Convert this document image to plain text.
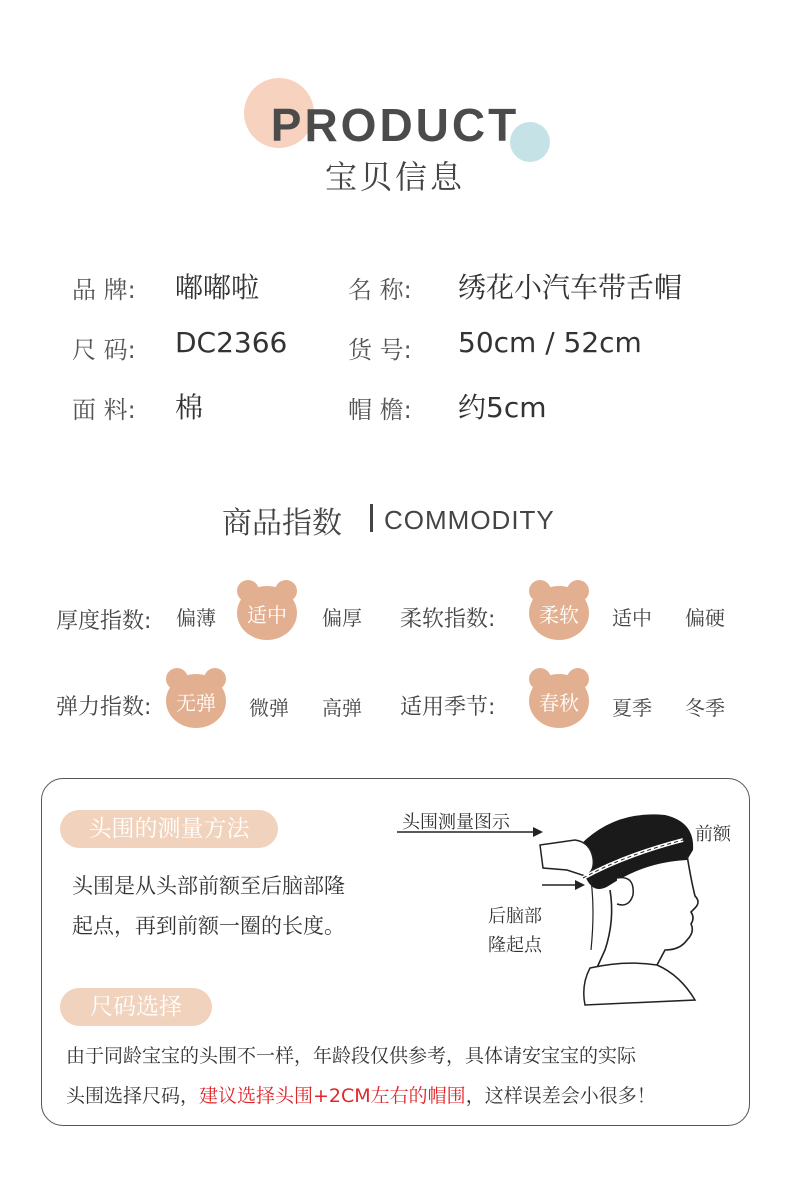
PRODUCT
宝贝信息
品 牌: 嘟嘟啦	名 称: 绣花小汽车带舌帽
尺 码: DC2366	货 号: 50cm / 52cm
面 料: 棉	帽 檐: 约5cm
商品指数 COMMODITY
厚度指数:	偏薄	适中	偏厚	柔软指数:	柔软	适中	偏硬
弹力指数:	无弹	微弹	高弹	适用季节:	春秋	夏季	冬季
头围的测量方法
头围是从头部前额至后脑部隆
起点，再到前额一圈的长度。
头围测量图示
前额
后脑部
隆起点
尺码选择
由于同龄宝宝的头围不一样，年龄段仅供参考，具体请安宝宝的实际
头围选择尺码，建议选择头围+2CM左右的帽围，这样误差会小很多！
